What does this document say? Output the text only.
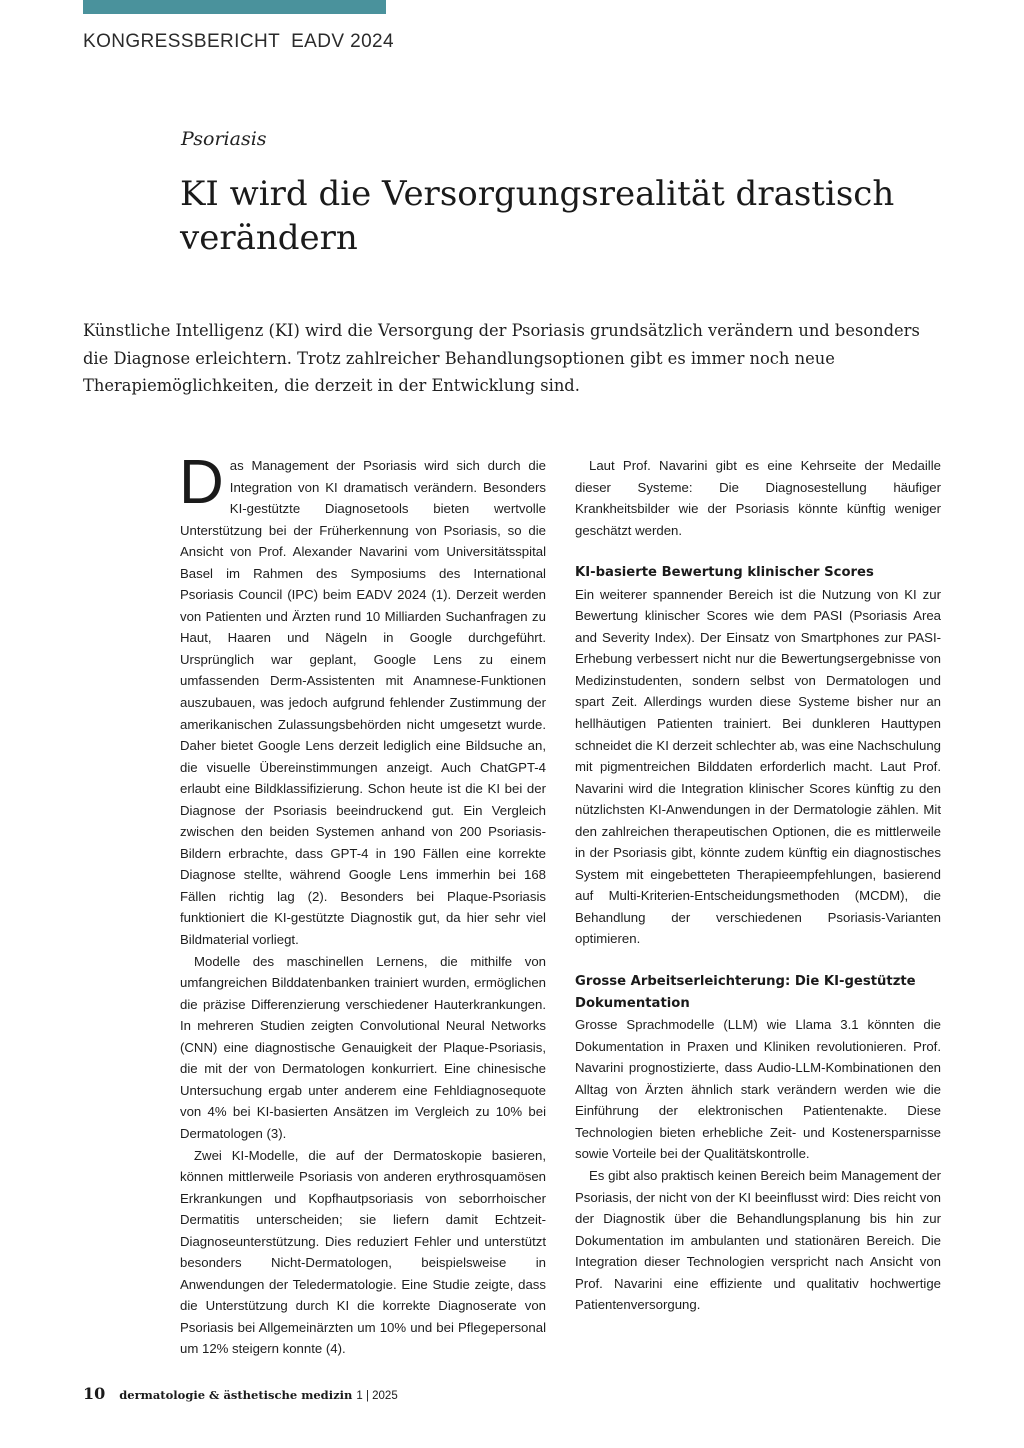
KONGRESSBERICHT  EADV 2024
Psoriasis
KI wird die Versorgungsrealität drastisch verändern

Künstliche Intelligenz (KI) wird die Versorgung der Psoriasis grundsätzlich verändern und besonders die Diagnose erleichtern. Trotz zahlreicher Behandlungsoptionen gibt es immer noch neue Therapiemöglichkeiten, die derzeit in der Entwicklung sind.

Das Management der Psoriasis wird sich durch die Integration von KI dramatisch verändern. Besonders KI-gestützte Diagnosetools bieten wertvolle Unterstützung bei der Früherkennung von Psoriasis, so die Ansicht von Prof. Alexander Navarini vom Universitätsspital Basel im Rahmen des Symposiums des International Psoriasis Council (IPC) beim EADV 2024 (1). Derzeit werden von Patienten und Ärzten rund 10 Milliarden Suchanfragen zu Haut, Haaren und Nägeln in Google durchgeführt. Ursprünglich war geplant, Google Lens zu einem umfassenden Derm-Assistenten mit Anamnese-Funktionen auszubauen, was jedoch aufgrund fehlender Zustimmung der amerikanischen Zulassungsbehörden nicht umgesetzt wurde. Daher bietet Google Lens derzeit lediglich eine Bildsuche an, die visuelle Übereinstimmungen anzeigt. Auch ChatGPT-4 erlaubt eine Bildklassifizierung. Schon heute ist die KI bei der Diagnose der Psoriasis beeindruckend gut. Ein Vergleich zwischen den beiden Systemen anhand von 200 Psoriasis-Bildern erbrachte, dass GPT-4 in 190 Fällen eine korrekte Diagnose stellte, während Google Lens immerhin bei 168 Fällen richtig lag (2). Besonders bei Plaque-Psoriasis funktioniert die KI-gestützte Diagnostik gut, da hier sehr viel Bildmaterial vorliegt.

Modelle des maschinellen Lernens, die mithilfe von umfangreichen Bilddatenbanken trainiert wurden, ermöglichen die präzise Differenzierung verschiedener Hauterkrankungen. In mehreren Studien zeigten Convolutional Neural Networks (CNN) eine diagnostische Genauigkeit der Plaque-Psoriasis, die mit der von Dermatologen konkurriert. Eine chinesische Untersuchung ergab unter anderem eine Fehldiagnosequote von 4% bei KI-basierten Ansätzen im Vergleich zu 10% bei Dermatologen (3).

Zwei KI-Modelle, die auf der Dermatoskopie basieren, können mittlerweile Psoriasis von anderen erythrosquamösen Erkrankungen und Kopfhautpsoriasis von seborrhoischer Dermatitis unterscheiden; sie liefern damit Echtzeit-Diagnoseunterstützung. Dies reduziert Fehler und unterstützt besonders Nicht-Dermatologen, beispielsweise in Anwendungen der Teledermatologie. Eine Studie zeigte, dass die Unterstützung durch KI die korrekte Diagnoserate von Psoriasis bei Allgemeinärzten um 10% und bei Pflegepersonal um 12% steigern konnte (4).

Laut Prof. Navarini gibt es eine Kehrseite der Medaille dieser Systeme: Die Diagnosestellung häufiger Krankheitsbilder wie der Psoriasis könnte künftig weniger geschätzt werden.

KI-basierte Bewertung klinischer Scores

Ein weiterer spannender Bereich ist die Nutzung von KI zur Bewertung klinischer Scores wie dem PASI (Psoriasis Area and Severity Index). Der Einsatz von Smartphones zur PASI-Erhebung verbessert nicht nur die Bewertungsergebnisse von Medizinstudenten, sondern selbst von Dermatologen und spart Zeit. Allerdings wurden diese Systeme bisher nur an hellhäutigen Patienten trainiert. Bei dunkleren Hauttypen schneidet die KI derzeit schlechter ab, was eine Nachschulung mit pigmentreichen Bilddaten erforderlich macht. Laut Prof. Navarini wird die Integration klinischer Scores künftig zu den nützlichsten KI-Anwendungen in der Dermatologie zählen. Mit den zahlreichen therapeutischen Optionen, die es mittlerweile in der Psoriasis gibt, könnte zudem künftig ein diagnostisches System mit eingebetteten Therapieempfehlungen, basierend auf Multi-Kriterien-Entscheidungsmethoden (MCDM), die Behandlung der verschiedenen Psoriasis-Varianten optimieren.

Grosse Arbeitserleichterung: Die KI-gestützte Dokumentation

Grosse Sprachmodelle (LLM) wie Llama 3.1 könnten die Dokumentation in Praxen und Kliniken revolutionieren. Prof. Navarini prognostizierte, dass Audio-LLM-Kombinationen den Alltag von Ärzten ähnlich stark verändern werden wie die Einführung der elektronischen Patientenakte. Diese Technologien bieten erhebliche Zeit- und Kostenersparnisse sowie Vorteile bei der Qualitätskontrolle.

Es gibt also praktisch keinen Bereich beim Management der Psoriasis, der nicht von der KI beeinflusst wird: Dies reicht von der Diagnostik über die Behandlungsplanung bis hin zur Dokumentation im ambulanten und stationären Bereich. Die Integration dieser Technologien verspricht nach Ansicht von Prof. Navarini eine effiziente und qualitativ hochwertige Patientenversorgung.

10 dermatologie & ästhetische medizin 1 | 2025
